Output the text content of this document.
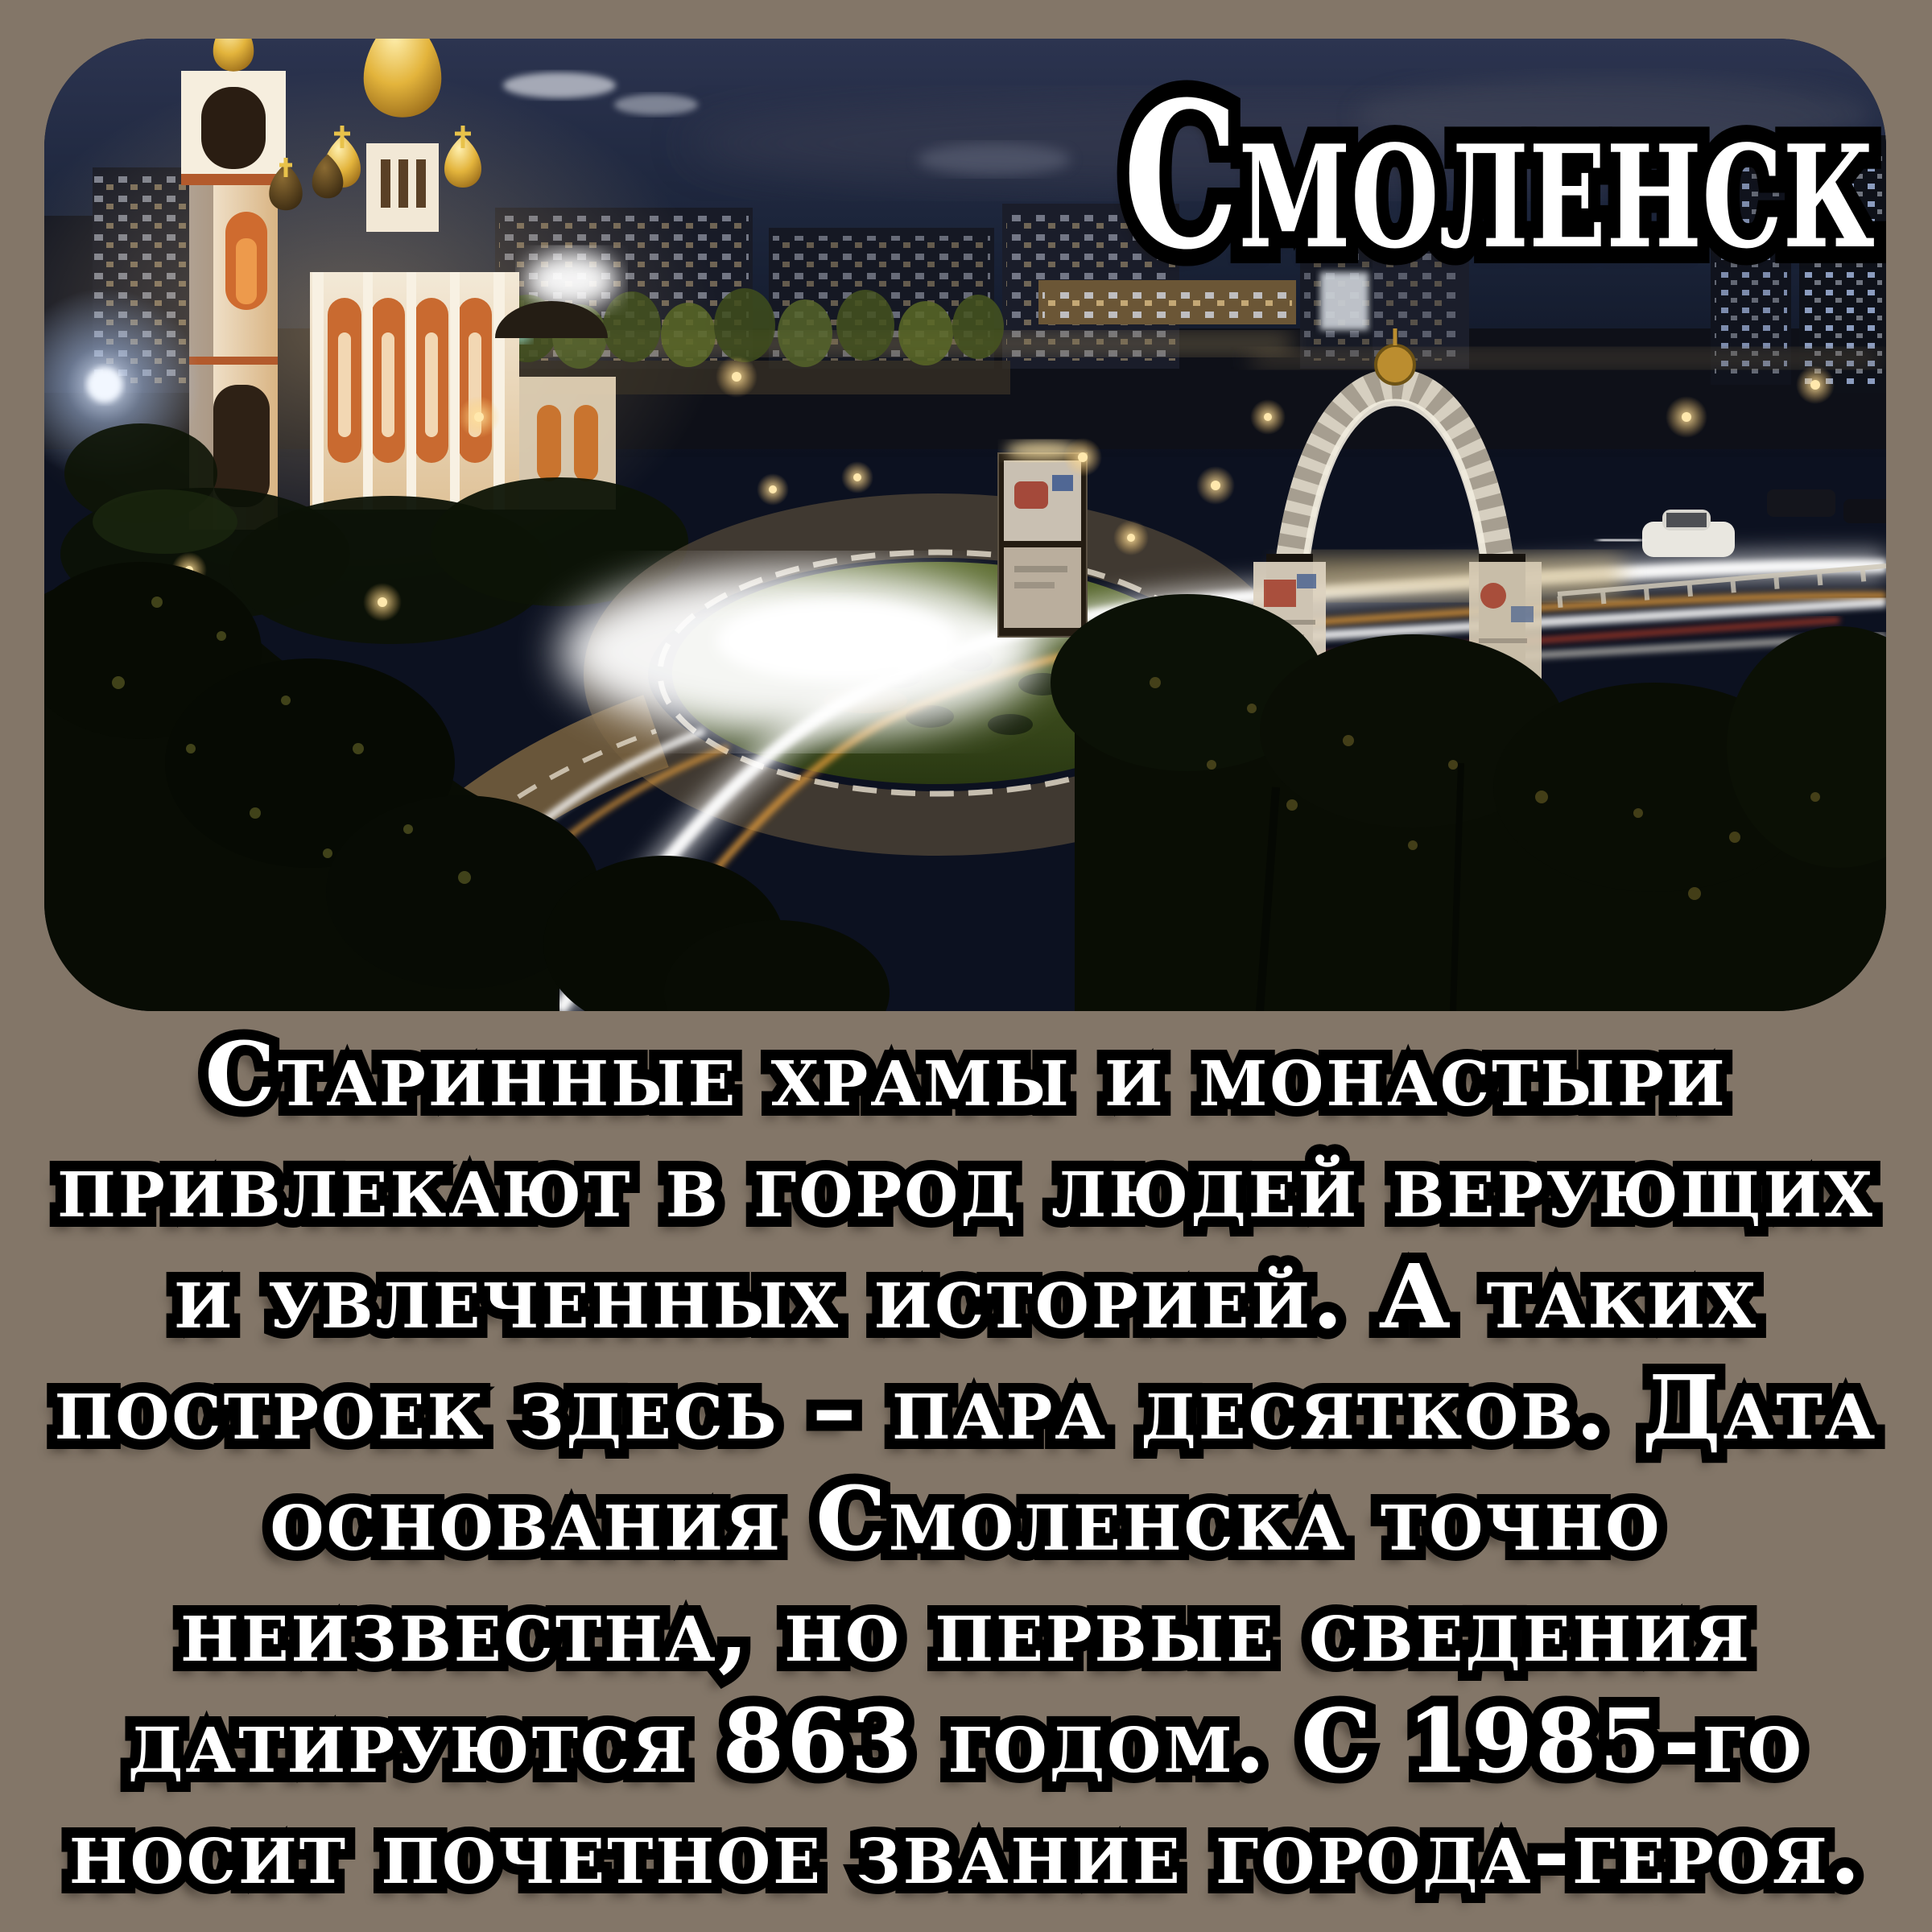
Смоленск Смоленск
Старинные храмы и монастыри Старинные храмы и монастыри
привлекают в город людей верующих привлекают в город людей верующих
и увлеченных историей. А таких и увлеченных историей. А таких
построек здесь – пара десятков. Дата построек здесь – пара десятков. Дата
основания Смоленска точно основания Смоленска точно
неизвестна, но первые сведения неизвестна, но первые сведения
датируются 863 годом. С 1985-го датируются 863 годом. С 1985-го
носит почетное звание города-героя. носит почетное звание города-героя.
